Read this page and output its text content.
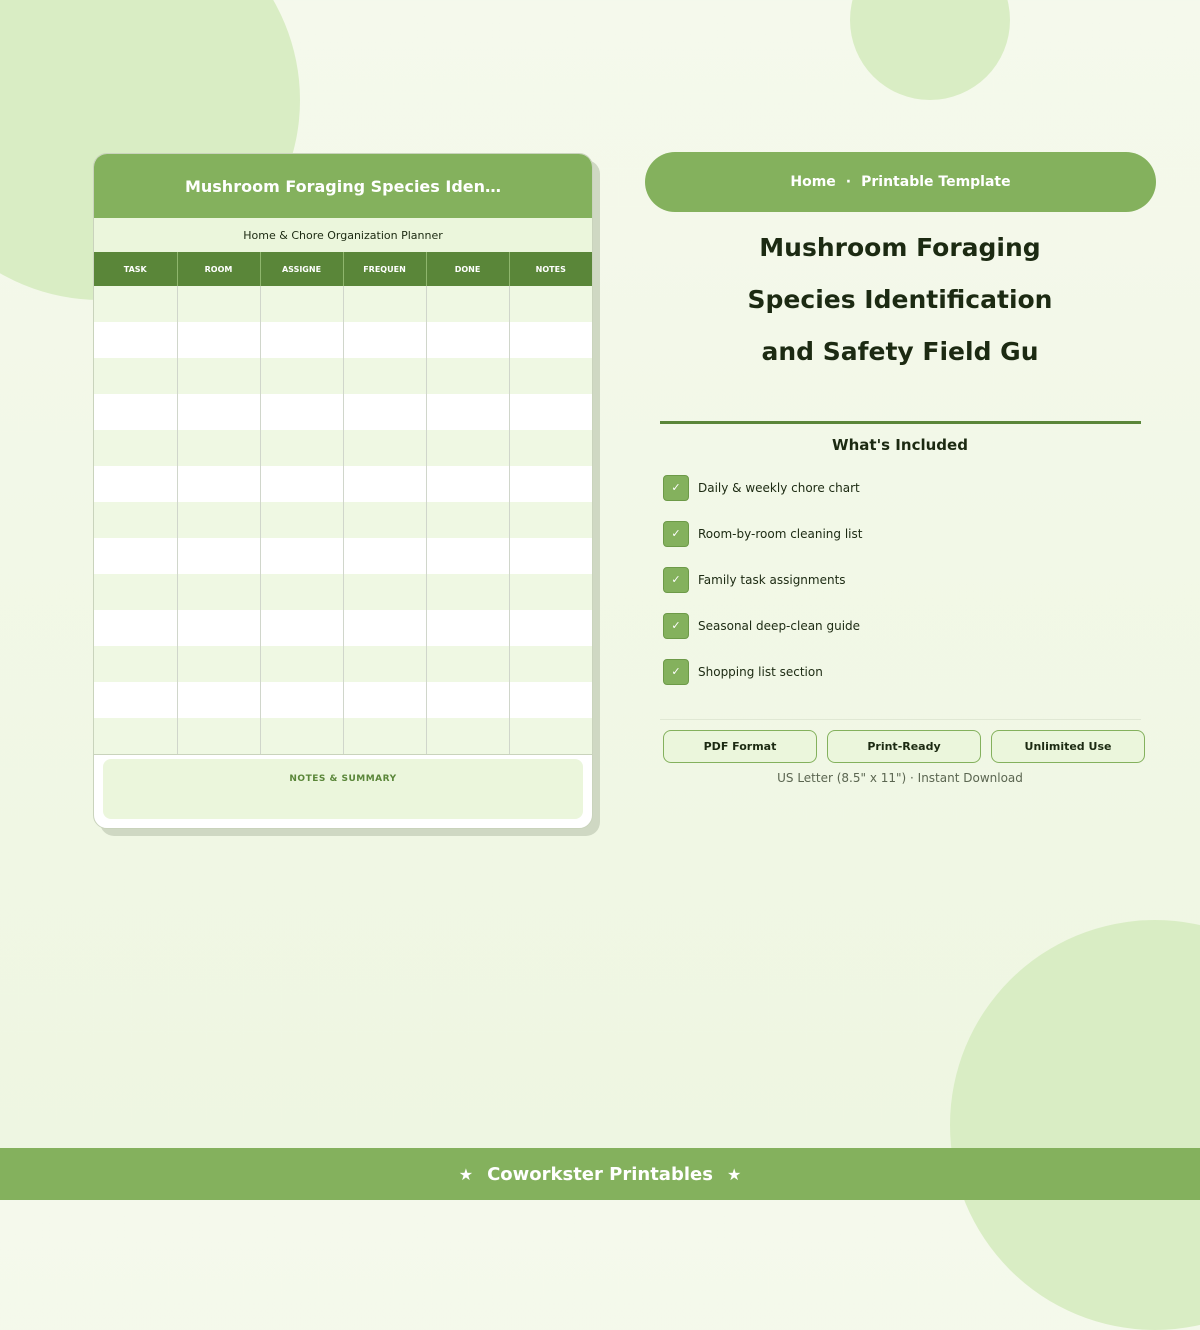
Mushroom Foraging Species Iden…
Home & Chore Organization Planner
TASK	ROOM	ASSIGNE	FREQUEN	DONE	NOTES

NOTES & SUMMARY
Home · Printable Template
Mushroom Foraging
Species Identification
and Safety Field Gu
What's Included
✓	Daily & weekly chore chart
✓	Room-by-room cleaning list
✓	Family task assignments
✓	Seasonal deep-clean guide
✓	Shopping list section
PDF Format	Print-Ready	Unlimited Use
US Letter (8.5" x 11") · Instant Download
★ Coworkster Printables ★
